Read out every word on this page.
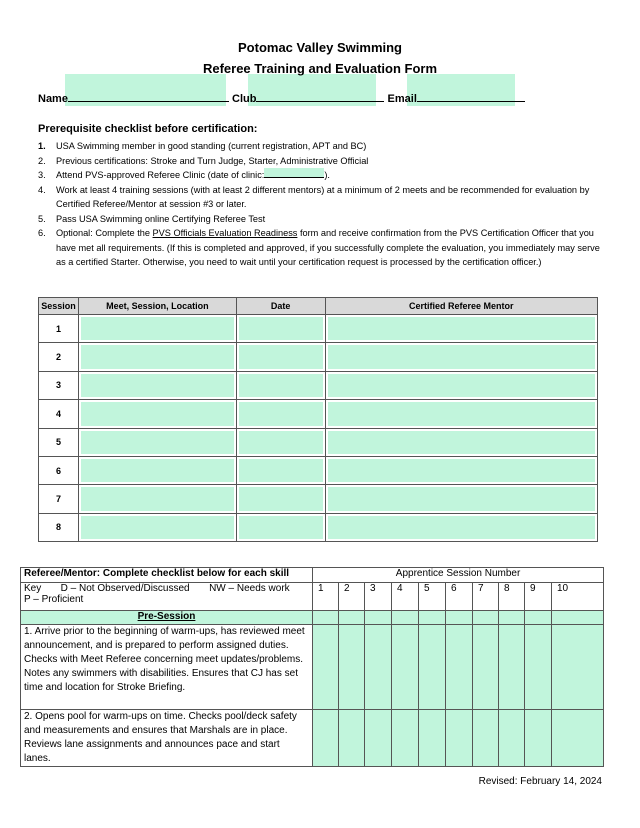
Potomac Valley Swimming
Referee Training and Evaluation Form
Name	Club	Email
Prerequisite checklist before certification:
1. USA Swimming member in good standing (current registration, APT and BC)
2. Previous certifications: Stroke and Turn Judge, Starter, Administrative Official
3. Attend PVS-approved Referee Clinic (date of clinic:	).
4. Work at least 4 training sessions (with at least 2 different mentors) at a minimum of 2 meets and be recommended for evaluation by Certified Referee/Mentor at session #3 or later.
5. Pass USA Swimming online Certifying Referee Test
6. Optional: Complete the PVS Officials Evaluation Readiness form and receive confirmation from the PVS Certification Officer that you have met all requirements. (If this is completed and approved, if you successfully complete the evaluation, you immediately may serve as a certified Starter. Otherwise, you need to wait until your certification request is processed by the certification officer.)
Session	Meet, Session, Location	Date	Certified Referee Mentor
1	

2	

3	

4	

5	

6	

7	

8	

Referee/Mentor: Complete checklist below for each skill	Apprentice Session Number									

Key       D – Not Observed/Discussed       NW – Needs work
P – Proficient	1	2	3	4	5	6	7	8	9	10
Pre-Session										
1. Arrive prior to the beginning of warm-ups, has reviewed meet announcement, and is prepared to perform assigned duties. Checks with Meet Referee concerning meet updates/problems. Notes any swimmers with disabilities. Ensures that CJ has set time and location for Stroke Briefing.										
2. Opens pool for warm-ups on time. Checks pool/deck safety and measurements and ensures that Marshals are in place. Reviews lane assignments and announces pace and start lanes.										
Revised: February 14, 2024
